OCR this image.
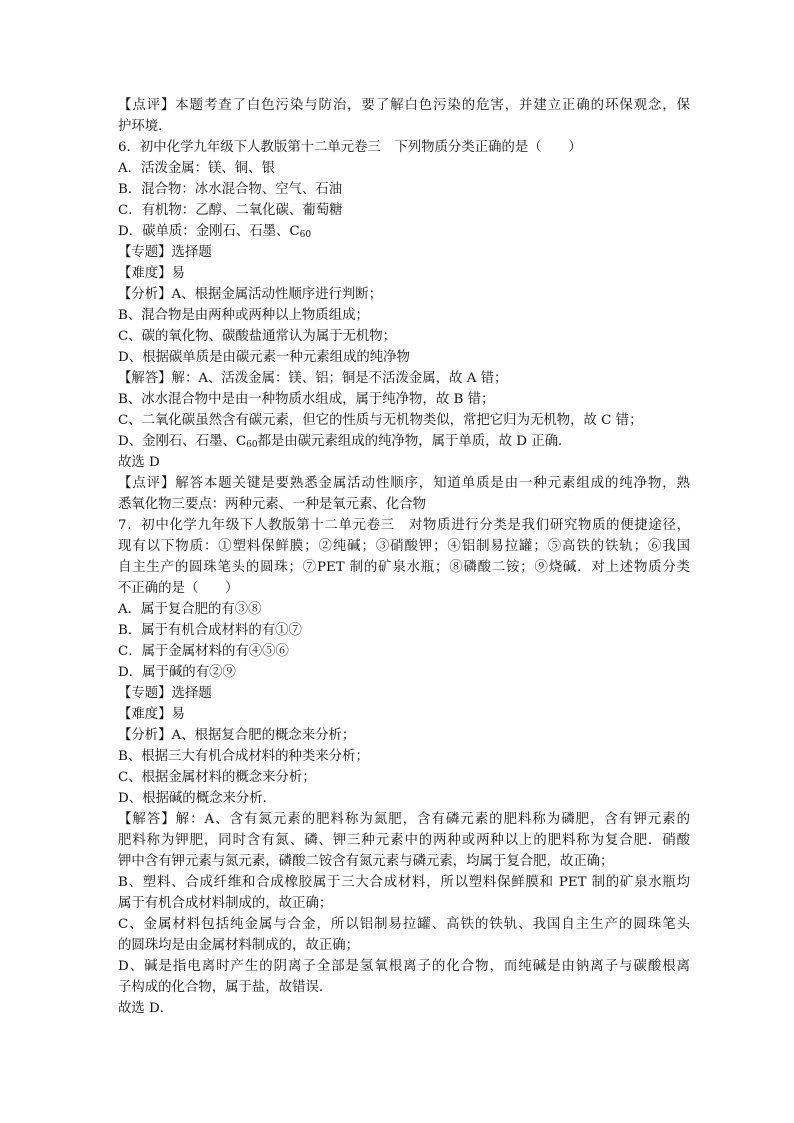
【点评】本题考查了白色污染与防治，要了解白色污染的危害，并建立正确的环保观念，保
护环境．
6．初中化学九年级下人教版第十二单元卷三　下列物质分类正确的是（　　）
A．活泼金属：镁、铜、银
B．混合物：冰水混合物、空气、石油
C．有机物：乙醇、二氧化碳、葡萄糖
D．碳单质：金刚石、石墨、$C_{60}$
【专题】选择题
【难度】易
【分析】A、根据金属活动性顺序进行判断；
B、混合物是由两种或两种以上物质组成；
C、碳的氧化物、碳酸盐通常认为属于无机物；
D、根据碳单质是由碳元素一种元素组成的纯净物
【解答】解：A、活泼金属：镁、铝；铜是不活泼金属，故 A 错；
B、冰水混合物中是由一种物质水组成，属于纯净物，故 B 错；
C、二氧化碳虽然含有碳元素，但它的性质与无机物类似，常把它归为无机物，故 C 错；
D、金刚石、石墨、$C_{60}$都是由碳元素组成的纯净物，属于单质，故 D 正确．
故选 D
【点评】解答本题关键是要熟悉金属活动性顺序，知道单质是由一种元素组成的纯净物，熟
悉氧化物三要点：两种元素、一种是氧元素、化合物
7．初中化学九年级下人教版第十二单元卷三　对物质进行分类是我们研究物质的便捷途径，
现有以下物质：①塑料保鲜膜；②纯碱；③硝酸钾；④铝制易拉罐；⑤高铁的铁轨；⑥我国
自主生产的圆珠笔头的圆珠；⑦PET 制的矿泉水瓶；⑧磷酸二铵；⑨烧碱．对上述物质分类
不正确的是（　　）
A．属于复合肥的有③⑧
B．属于有机合成材料的有①⑦
C．属于金属材料的有④⑤⑥
D．属于碱的有②⑨
【专题】选择题
【难度】易
【分析】A、根据复合肥的概念来分析；
B、根据三大有机合成材料的种类来分析；
C、根据金属材料的概念来分析；
D、根据碱的概念来分析．
【解答】解：A、含有氮元素的肥料称为氮肥，含有磷元素的肥料称为磷肥，含有钾元素的
肥料称为钾肥，同时含有氮、磷、钾三种元素中的两种或两种以上的肥料称为复合肥．硝酸
钾中含有钾元素与氮元素，磷酸二铵含有氮元素与磷元素，均属于复合肥，故正确；
B、塑料、合成纤维和合成橡胶属于三大合成材料，所以塑料保鲜膜和 PET 制的矿泉水瓶均
属于有机合成材料制成的，故正确；
C、金属材料包括纯金属与合金，所以铝制易拉罐、高铁的铁轨、我国自主生产的圆珠笔头
的圆珠均是由金属材料制成的，故正确；
D、碱是指电离时产生的阴离子全部是氢氧根离子的化合物，而纯碱是由钠离子与碳酸根离
子构成的化合物，属于盐，故错误．
故选 D．
